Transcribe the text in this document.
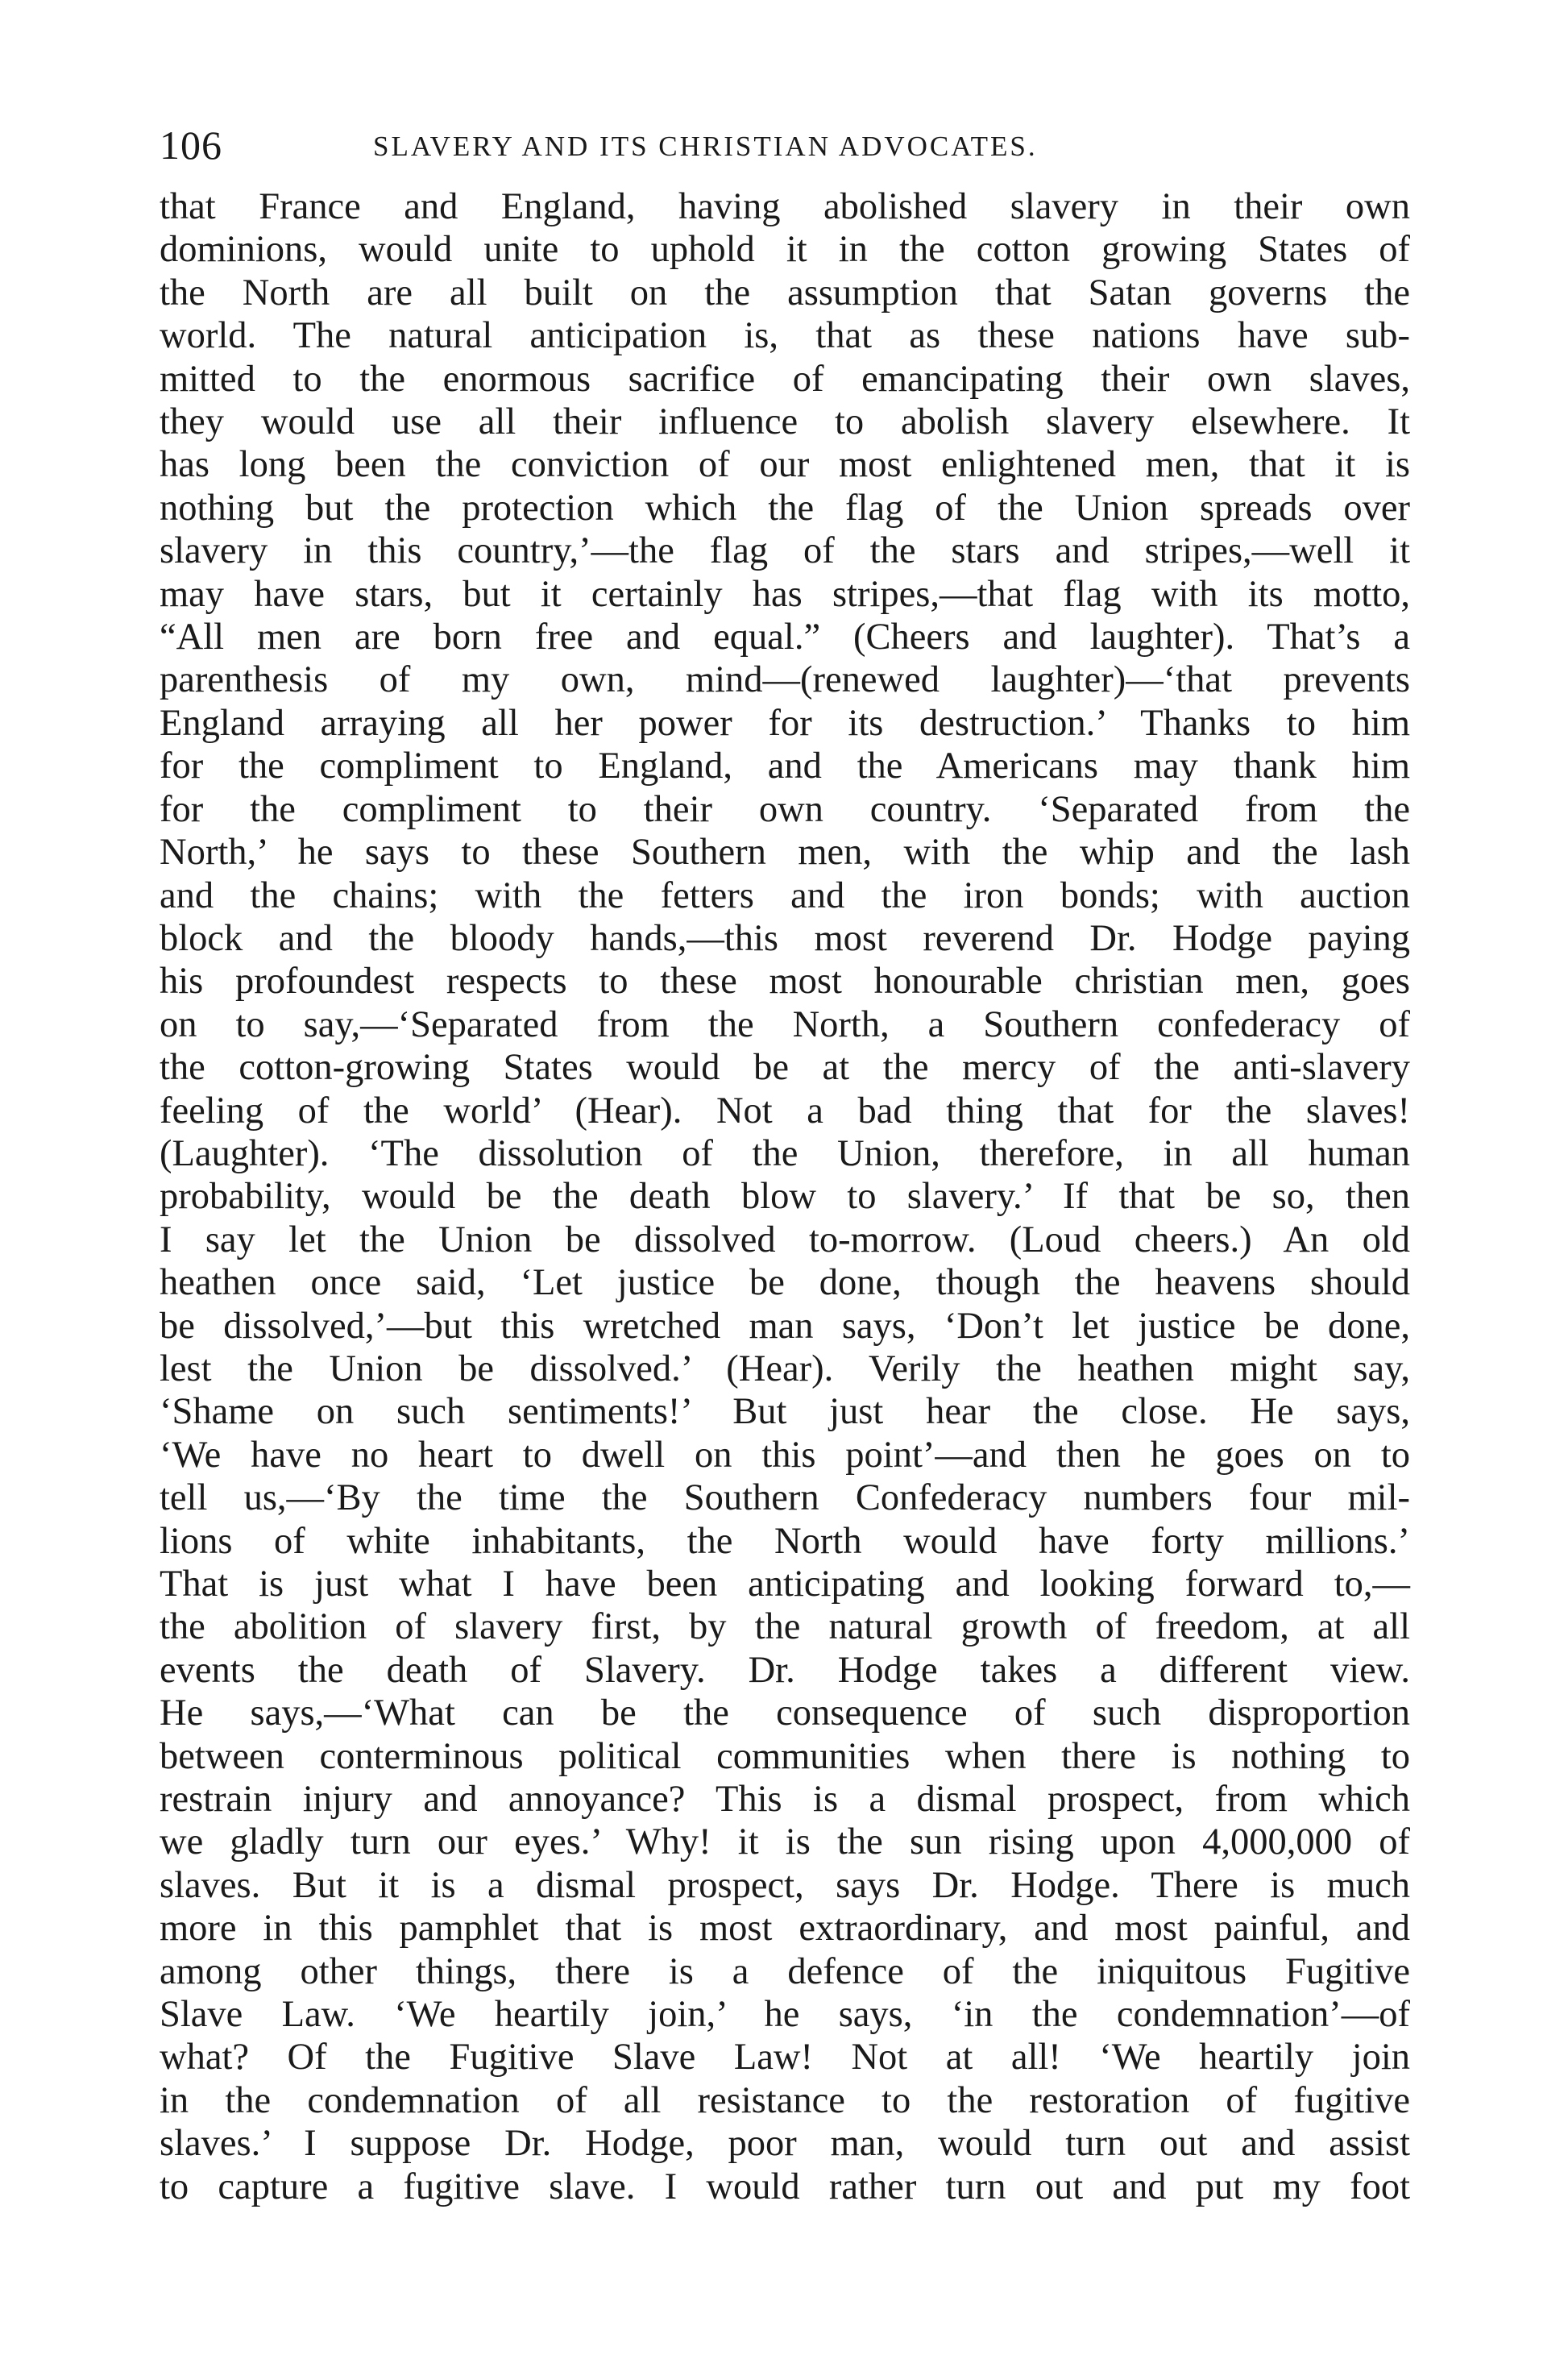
106	SLAVERY AND ITS CHRISTIAN ADVOCATES.
that France and England, having abolished slavery in their own
dominions, would unite to uphold it in the cotton growing States of
the North are all built on the assumption that Satan governs the
world. The natural anticipation is, that as these nations have sub-
mitted to the enormous sacrifice of emancipating their own slaves,
they would use all their influence to abolish slavery elsewhere. It
has long been the conviction of our most enlightened men, that it is
nothing but the protection which the flag of the Union spreads over
slavery in this country,’—the flag of the stars and stripes,—well it
may have stars, but it certainly has stripes,—that flag with its motto,
“All men are born free and equal.” (Cheers and laughter). That’s a
parenthesis of my own, mind—(renewed laughter)—‘that prevents
England arraying all her power for its destruction.’ Thanks to him
for the compliment to England, and the Americans may thank him
for the compliment to their own country. ‘Separated from the
North,’ he says to these Southern men, with the whip and the lash
and the chains; with the fetters and the iron bonds; with auction
block and the bloody hands,—this most reverend Dr. Hodge paying
his profoundest respects to these most honourable christian men, goes
on to say,—‘Separated from the North, a Southern confederacy of
the cotton-growing States would be at the mercy of the anti-slavery
feeling of the world’ (Hear). Not a bad thing that for the slaves!
(Laughter). ‘The dissolution of the Union, therefore, in all human
probability, would be the death blow to slavery.’ If that be so, then
I say let the Union be dissolved to-morrow. (Loud cheers.) An old
heathen once said, ‘Let justice be done, though the heavens should
be dissolved,’—but this wretched man says, ‘Don’t let justice be done,
lest the Union be dissolved.’ (Hear). Verily the heathen might say,
‘Shame on such sentiments!’ But just hear the close. He says,
‘We have no heart to dwell on this point’—and then he goes on to
tell us,—‘By the time the Southern Confederacy numbers four mil-
lions of white inhabitants, the North would have forty millions.’
That is just what I have been anticipating and looking forward to,—
the abolition of slavery first, by the natural growth of freedom, at all
events the death of Slavery. Dr. Hodge takes a different view.
He says,—‘What can be the consequence of such disproportion
between conterminous political communities when there is nothing to
restrain injury and annoyance? This is a dismal prospect, from which
we gladly turn our eyes.’ Why! it is the sun rising upon 4,000,000 of
slaves. But it is a dismal prospect, says Dr. Hodge. There is much
more in this pamphlet that is most extraordinary, and most painful, and
among other things, there is a defence of the iniquitous Fugitive
Slave Law. ‘We heartily join,’ he says, ‘in the condemnation’—of
what? Of the Fugitive Slave Law! Not at all! ‘We heartily join
in the condemnation of all resistance to the restoration of fugitive
slaves.’ I suppose Dr. Hodge, poor man, would turn out and assist
to capture a fugitive slave. I would rather turn out and put my foot
